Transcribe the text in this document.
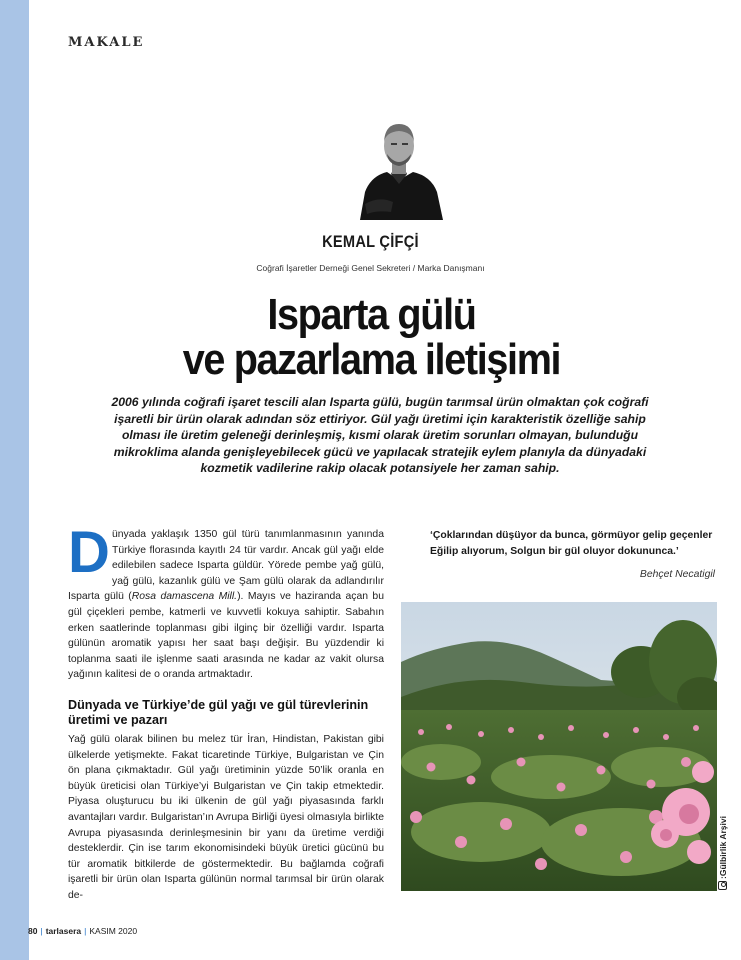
MAKALE
KEMAL ÇİFÇİ
Coğrafi İşaretler Derneği Genel Sekreteri / Marka Danışmanı
Isparta gülü
ve pazarlama iletişimi
2006 yılında coğrafi işaret tescili alan Isparta gülü, bugün tarımsal ürün olmaktan çok coğrafi işaretli bir ürün olarak adından söz ettiriyor. Gül yağı üretimi için karakteristik özelliğe sahip olması ile üretim geleneği derinleşmiş, kısmi olarak üretim sorunları olmayan, bulunduğu mikroklima alanda genişleyebilecek gücü ve yapılacak stratejik eylem planıyla da dünyadaki kozmetik vadilerine rakip olacak potansiyele her zaman sahip.
D ünyada yaklaşık 1350 gül türü tanımlanmasının yanında Türkiye florasında kayıtlı 24 tür vardır. Ancak gül yağı elde edilebilen sadece Isparta güldür. Yörede pembe yağ gülü, yağ gülü, kazanlık gülü ve Şam gülü olarak da adlandırılır Isparta gülü (Rosa damascena Mill.). Mayıs ve haziranda açan bu gül çiçekleri pembe, katmerli ve kuvvetli kokuya sahiptir. Sabahın erken saatlerinde toplanması gibi ilginç bir özelliği vardır. Isparta gülünün aromatik yapısı her saat başı değişir. Bu yüzdendir ki toplanma saati ile işlenme saati arasında ne kadar az vakit olursa yağının kalitesi de o oranda artmaktadır.

Dünyada ve Türkiye’de gül yağı ve gül türevlerinin üretimi ve pazarı

Yağ gülü olarak bilinen bu melez tür İran, Hindistan, Pakistan gibi ülkelerde yetişmekte. Fakat ticaretinde Türkiye, Bulgaristan ve Çin ön plana çıkmaktadır. Gül yağı üretiminin yüzde 50’lik oranla en büyük üreticisi olan Türkiye’yi Bulgaristan ve Çin takip etmektedir. Piyasa oluşturucu bu iki ülkenin de gül yağı piyasasında farklı avantajları vardır. Bulgaristan’ın Avrupa Birliği üyesi olmasıyla birlikte Avrupa piyasasında derinleşmesinin bir yanı da üretime verdiği desteklerdir. Çin ise tarım ekonomisindeki büyük üretici gücünü bu tür aromatik bitkilerde de göstermektedir. Bu bağlamda coğrafi işaretli bir ürün olan Isparta gülünün normal tarımsal bir ürün olarak de-

‘Çoklarından düşüyor da bunca, görmüyor gelip geçenler Eğilip alıyorum, Solgun bir gül oluyor dokununca.’
Behçet Necatigil
:Gülbirlik Arşivi
80 | tarlasera | KASIM 2020
